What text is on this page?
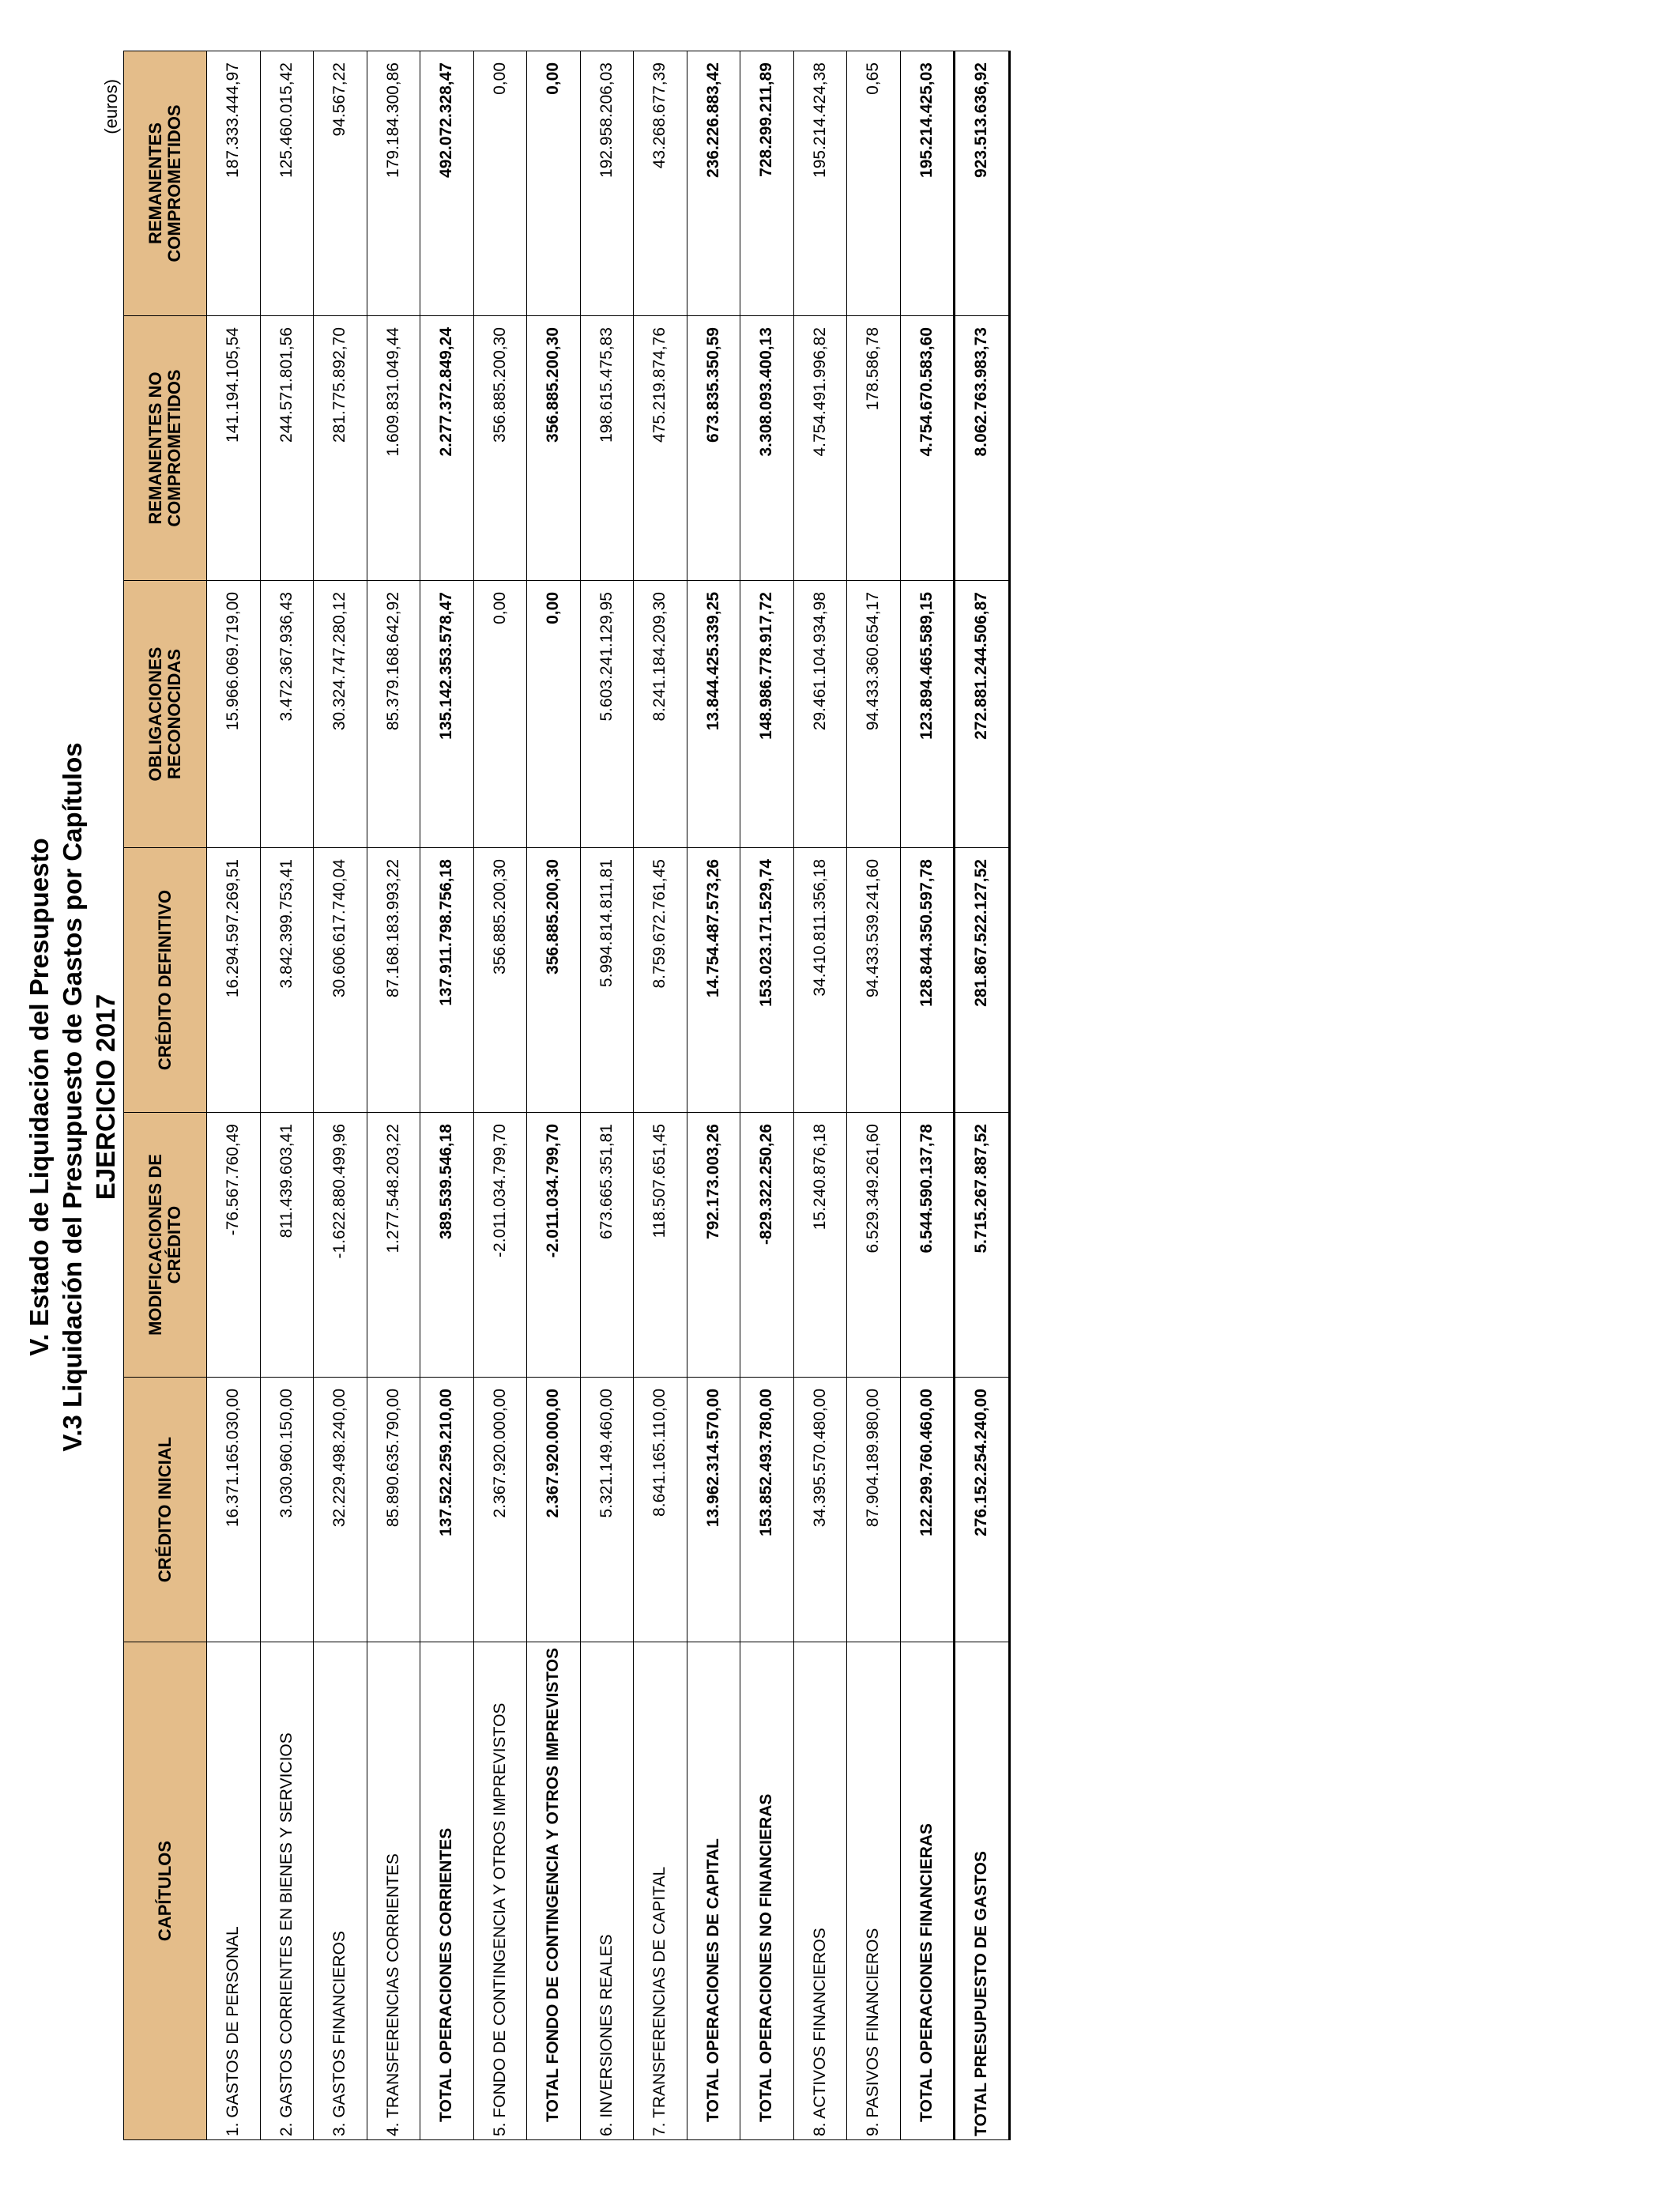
V. Estado de Liquidación del Presupuesto V.3 Liquidación del Presupuesto de Gastos por Capítulos EJERCICIO 2017
(euros)
CAPÍTULOS	CRÉDITO INICIAL	MODIFICACIONES DE CRÉDITO	CRÉDITO DEFINITIVO	OBLIGACIONES RECONOCIDAS	REMANENTES NO COMPROMETIDOS	REMANENTES COMPROMETIDOS
1. GASTOS DE PERSONAL	16.371.165.030,00	-76.567.760,49	16.294.597.269,51	15.966.069.719,00	141.194.105,54	187.333.444,97
2. GASTOS CORRIENTES EN BIENES Y SERVICIOS	3.030.960.150,00	811.439.603,41	3.842.399.753,41	3.472.367.936,43	244.571.801,56	125.460.015,42
3. GASTOS FINANCIEROS	32.229.498.240,00	-1.622.880.499,96	30.606.617.740,04	30.324.747.280,12	281.775.892,70	94.567,22
4. TRANSFERENCIAS CORRIENTES	85.890.635.790,00	1.277.548.203,22	87.168.183.993,22	85.379.168.642,92	1.609.831.049,44	179.184.300,86
TOTAL OPERACIONES CORRIENTES	137.522.259.210,00	389.539.546,18	137.911.798.756,18	135.142.353.578,47	2.277.372.849,24	492.072.328,47
5. FONDO DE CONTINGENCIA Y OTROS IMPREVISTOS	2.367.920.000,00	-2.011.034.799,70	356.885.200,30	0,00	356.885.200,30	0,00
TOTAL FONDO DE CONTINGENCIA Y OTROS IMPREVISTOS	2.367.920.000,00	-2.011.034.799,70	356.885.200,30	0,00	356.885.200,30	0,00
6. INVERSIONES REALES	5.321.149.460,00	673.665.351,81	5.994.814.811,81	5.603.241.129,95	198.615.475,83	192.958.206,03
7. TRANSFERENCIAS DE CAPITAL	8.641.165.110,00	118.507.651,45	8.759.672.761,45	8.241.184.209,30	475.219.874,76	43.268.677,39
TOTAL OPERACIONES DE CAPITAL	13.962.314.570,00	792.173.003,26	14.754.487.573,26	13.844.425.339,25	673.835.350,59	236.226.883,42
TOTAL OPERACIONES NO FINANCIERAS	153.852.493.780,00	-829.322.250,26	153.023.171.529,74	148.986.778.917,72	3.308.093.400,13	728.299.211,89
8. ACTIVOS FINANCIEROS	34.395.570.480,00	15.240.876,18	34.410.811.356,18	29.461.104.934,98	4.754.491.996,82	195.214.424,38
9. PASIVOS FINANCIEROS	87.904.189.980,00	6.529.349.261,60	94.433.539.241,60	94.433.360.654,17	178.586,78	0,65
TOTAL OPERACIONES FINANCIERAS	122.299.760.460,00	6.544.590.137,78	128.844.350.597,78	123.894.465.589,15	4.754.670.583,60	195.214.425,03
TOTAL PRESUPUESTO DE GASTOS	276.152.254.240,00	5.715.267.887,52	281.867.522.127,52	272.881.244.506,87	8.062.763.983,73	923.513.636,92
